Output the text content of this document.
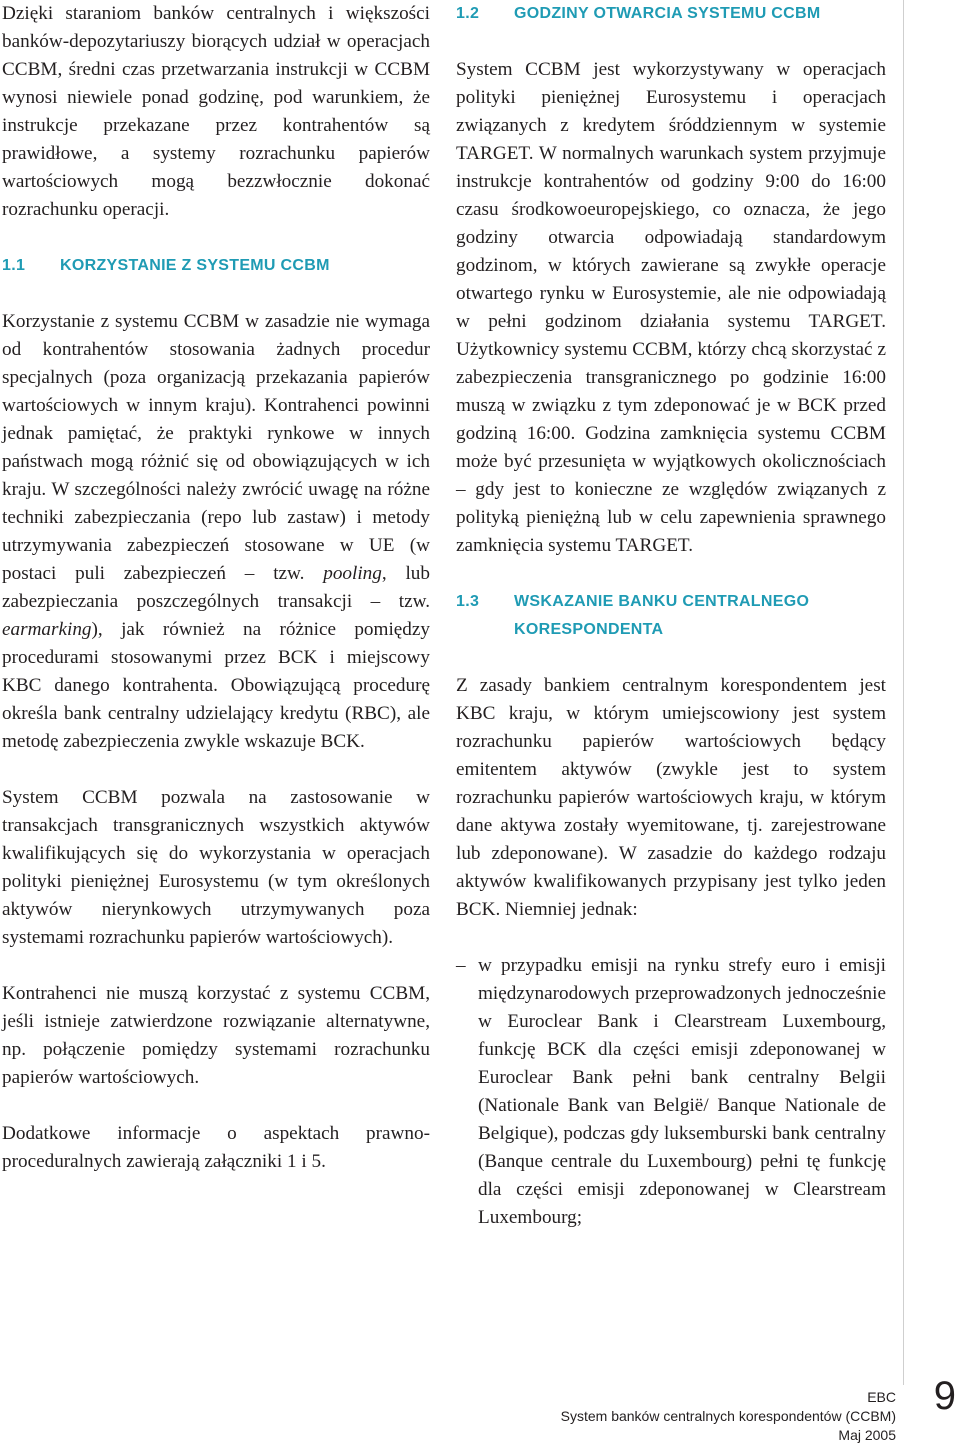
Dzięki staraniom banków centralnych i większości banków-depozytariuszy biorących udział w operacjach CCBM, średni czas przetwarzania instrukcji w CCBM wynosi niewiele ponad godzinę, pod warunkiem, że instrukcje przekazane przez kontrahentów są prawidłowe, a systemy rozrachunku papierów wartościowych mogą bezzwłocznie dokonać rozrachunku operacji.

1.1	KORZYSTANIE Z SYSTEMU CCBM

Korzystanie z systemu CCBM w zasadzie nie wymaga od kontrahentów stosowania żadnych procedur specjalnych (poza organizacją przekazania papierów wartościowych w innym kraju). Kontrahenci powinni jednak pamiętać, że praktyki rynkowe w innych państwach mogą różnić się od obowiązujących w ich kraju. W szczególności należy zwrócić uwagę na różne techniki zabezpieczania (repo lub zastaw) i metody utrzymywania zabezpieczeń stosowane w UE (w postaci puli zabezpieczeń – tzw. pooling, lub zabezpieczania poszczególnych transakcji – tzw. earmarking), jak również na różnice pomiędzy procedurami stosowanymi przez BCK i miejscowy KBC danego kontrahenta. Obowiązującą procedurę określa bank centralny udzielający kredytu (RBC), ale metodę zabezpieczenia zwykle wskazuje BCK.

System CCBM pozwala na zastosowanie w transakcjach transgranicznych wszystkich aktywów kwalifikujących się do wykorzystania w operacjach polityki pieniężnej Eurosystemu (w tym określonych aktywów nierynkowych utrzymywanych poza systemami rozrachunku papierów wartościowych).

Kontrahenci nie muszą korzystać z systemu CCBM, jeśli istnieje zatwierdzone rozwiązanie alternatywne, np. połączenie pomiędzy systemami rozrachunku papierów wartościowych.

Dodatkowe informacje o aspektach prawno-proceduralnych zawierają załączniki 1 i 5.

1.2	GODZINY OTWARCIA SYSTEMU CCBM

System CCBM jest wykorzystywany w operacjach polityki pieniężnej Eurosystemu i operacjach związanych z kredytem śróddziennym w systemie TARGET. W normalnych warunkach system przyjmuje instrukcje kontrahentów od godziny 9:00 do 16:00 czasu środkowoeuropejskiego, co oznacza, że jego godziny otwarcia odpowiadają standardowym godzinom, w których zawierane są zwykłe operacje otwartego rynku w Eurosystemie, ale nie odpowiadają w pełni godzinom działania systemu TARGET. Użytkownicy systemu CCBM, którzy chcą skorzystać z zabezpieczenia transgranicznego po godzinie 16:00 muszą w związku z tym zdeponować je w BCK przed godziną 16:00. Godzina zamknięcia systemu CCBM może być przesunięta w wyjątkowych okolicznościach – gdy jest to konieczne ze względów związanych z polityką pieniężną lub w celu zapewnienia sprawnego zamknięcia systemu TARGET.

1.3	WSKAZANIE BANKU CENTRALNEGO KORESPONDENTA

Z zasady bankiem centralnym korespondentem jest KBC kraju, w którym umiejscowiony jest system rozrachunku papierów wartościowych będący emitentem aktywów (zwykle jest to system rozrachunku papierów wartościowych kraju, w którym dane aktywa zostały wyemitowane, tj. zarejestrowane lub zdeponowane). W zasadzie do każdego rodzaju aktywów kwalifikowanych przypisany jest tylko jeden BCK. Niemniej jednak:

– w przypadku emisji na rynku strefy euro i emisji międzynarodowych przeprowadzonych jednocześnie w Euroclear Bank i Clearstream Luxembourg, funkcję BCK dla części emisji zdeponowanej w Euroclear Bank pełni bank centralny Belgii (Nationale Bank van België/ Banque Nationale de Belgique), podczas gdy luksemburski bank centralny (Banque centrale du Luxembourg) pełni tę funkcję dla części emisji zdeponowanej w Clearstream Luxembourg;
EBC
System banków centralnych korespondentów (CCBM)
Maj 2005
9
